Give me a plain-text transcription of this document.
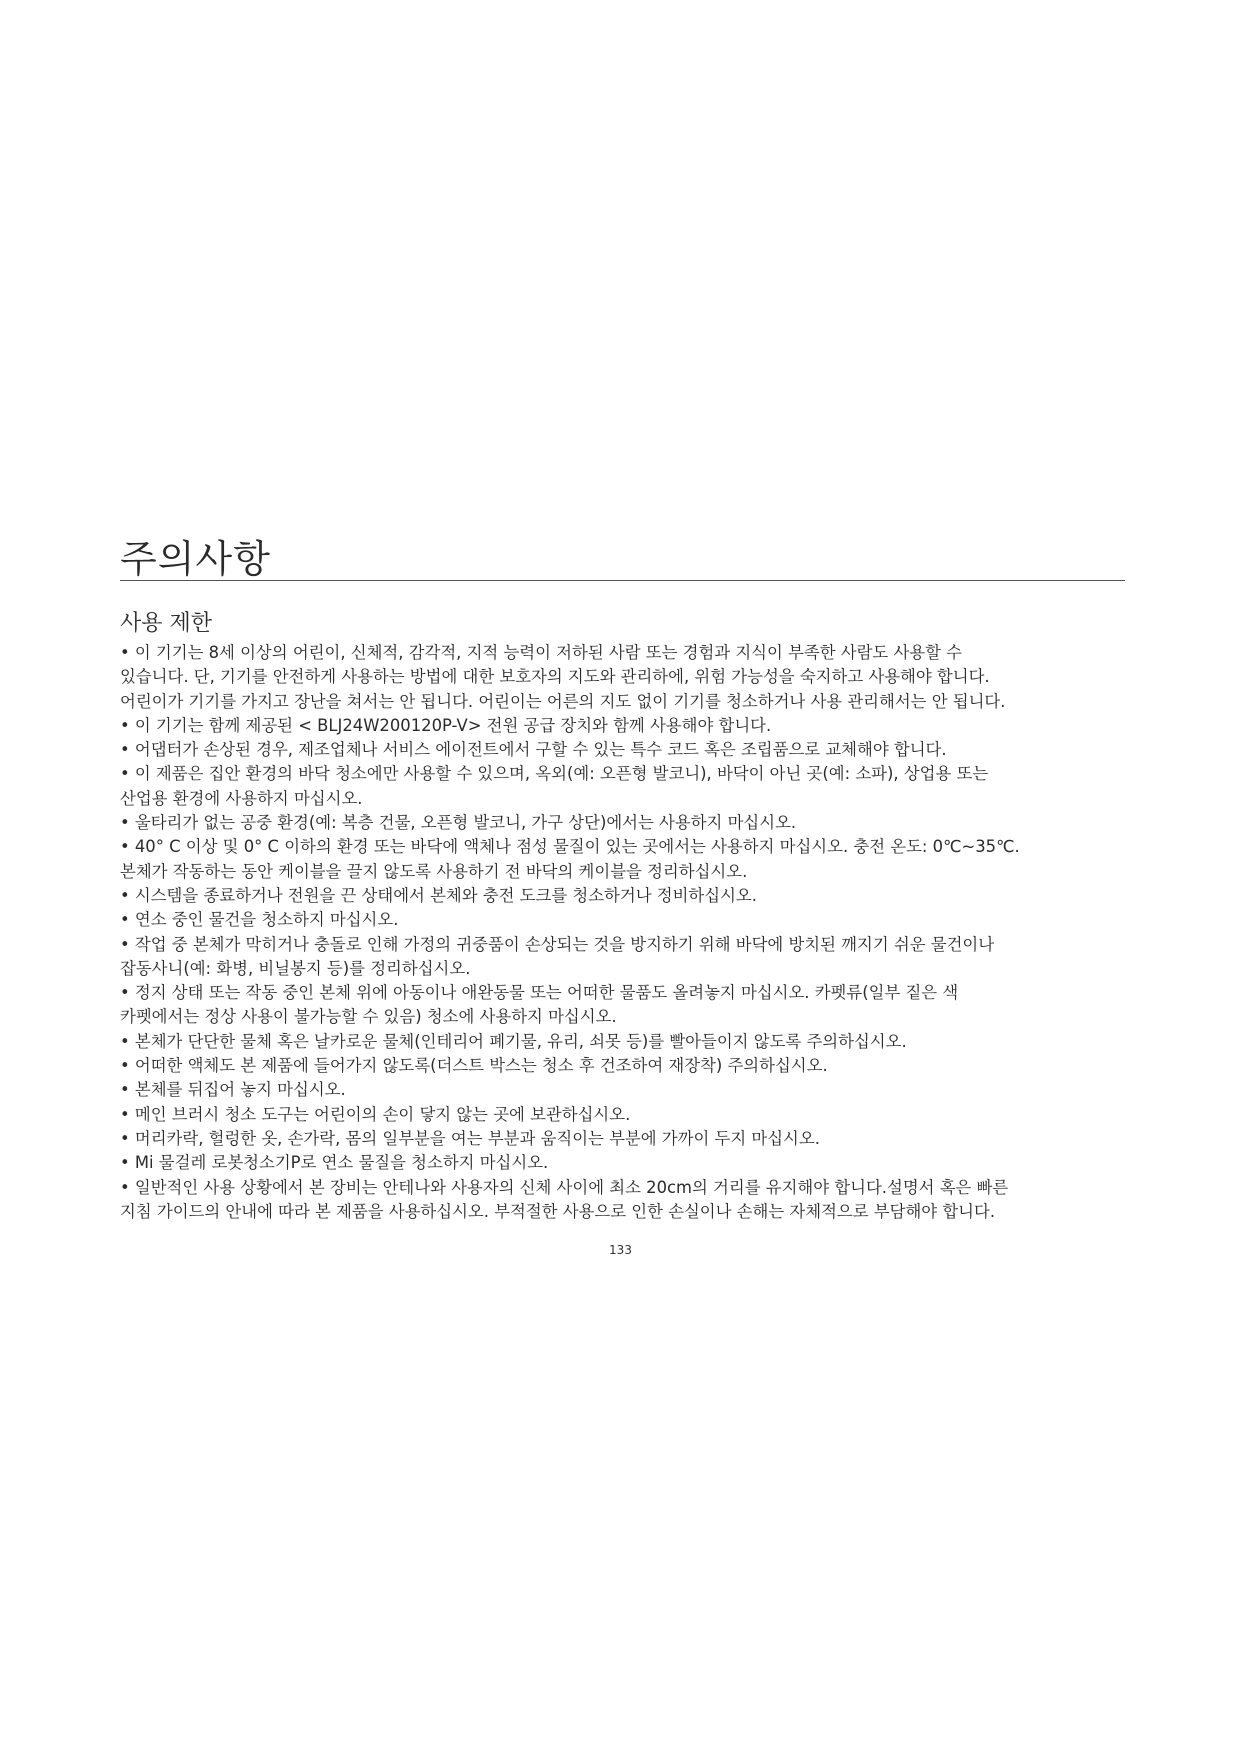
주의사항
사용 제한
• 이 기기는 8세 이상의 어린이, 신체적, 감각적, 지적 능력이 저하된 사람 또는 경험과 지식이 부족한 사람도 사용할 수
있습니다. 단, 기기를 안전하게 사용하는 방법에 대한 보호자의 지도와 관리하에, 위험 가능성을 숙지하고 사용해야 합니다.
어린이가 기기를 가지고 장난을 쳐서는 안 됩니다. 어린이는 어른의 지도 없이 기기를 청소하거나 사용 관리해서는 안 됩니다.
• 이 기기는 함께 제공된 < BLJ24W200120P-V> 전원 공급 장치와 함께 사용해야 합니다.
• 어댑터가 손상된 경우, 제조업체나 서비스 에이전트에서 구할 수 있는 특수 코드 혹은 조립품으로 교체해야 합니다.
• 이 제품은 집안 환경의 바닥 청소에만 사용할 수 있으며, 옥외(예: 오픈형 발코니), 바닥이 아닌 곳(예: 소파), 상업용 또는
산업용 환경에 사용하지 마십시오.
• 울타리가 없는 공중 환경(예: 복층 건물, 오픈형 발코니, 가구 상단)에서는 사용하지 마십시오.
• 40° C 이상 및 0° C 이하의 환경 또는 바닥에 액체나 점성 물질이 있는 곳에서는 사용하지 마십시오. 충전 온도: 0℃~35℃.
본체가 작동하는 동안 케이블을 끌지 않도록 사용하기 전 바닥의 케이블을 정리하십시오.
• 시스템을 종료하거나 전원을 끈 상태에서 본체와 충전 도크를 청소하거나 정비하십시오.
• 연소 중인 물건을 청소하지 마십시오.
• 작업 중 본체가 막히거나 충돌로 인해 가정의 귀중품이 손상되는 것을 방지하기 위해 바닥에 방치된 깨지기 쉬운 물건이나
잡동사니(예: 화병, 비닐봉지 등)를 정리하십시오.
• 정지 상태 또는 작동 중인 본체 위에 아동이나 애완동물 또는 어떠한 물품도 올려놓지 마십시오. 카펫류(일부 짙은 색
카펫에서는 정상 사용이 불가능할 수 있음) 청소에 사용하지 마십시오.
• 본체가 단단한 물체 혹은 날카로운 물체(인테리어 폐기물, 유리, 쇠못 등)를 빨아들이지 않도록 주의하십시오.
• 어떠한 액체도 본 제품에 들어가지 않도록(더스트 박스는 청소 후 건조하여 재장착) 주의하십시오.
• 본체를 뒤집어 놓지 마십시오.
• 메인 브러시 청소 도구는 어린이의 손이 닿지 않는 곳에 보관하십시오.
• 머리카락, 헐렁한 옷, 손가락, 몸의 일부분을 여는 부분과 움직이는 부분에 가까이 두지 마십시오.
• Mi 물걸레 로봇청소기P로 연소 물질을 청소하지 마십시오.
• 일반적인 사용 상황에서 본 장비는 안테나와 사용자의 신체 사이에 최소 20cm의 거리를 유지해야 합니다.설명서 혹은 빠른
지침 가이드의 안내에 따라 본 제품을 사용하십시오. 부적절한 사용으로 인한 손실이나 손해는 자체적으로 부담해야 합니다.
133
